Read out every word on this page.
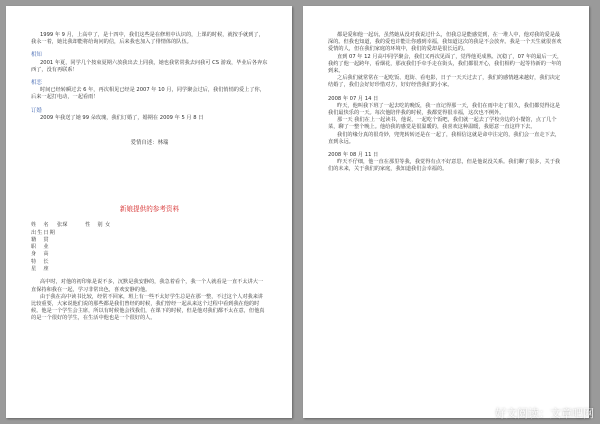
1999 年 9 月，上高中了，是十四中，我们这些是在修班中认识的，上课的时候，就按手就到了，我永一着，她比我却能将给询问的信，后来我也加入了俳情体的队伍。

相知

2001 年夏，同学几个按束夏期六放我出去上同我，她也我常常我去问我可 CS 游戏，毕业后各奔东西了，没有再联系！

相恋

时间已经转瞬过去 6 年，再次相见已经是 2007 年 10 月，同学聚会过后，我们悄悄的爱上了你，后来一起打电动，一起看雨！

订婚

2009 年我送了她 99 朵玫瑰，我们订婚了，婚期在 2009 年 5 月 8 日

爱情自述：林瑞

新娘提供的参考资料

姓　名	张琛	性　别 女
出生日期
籍　贯
职　业
身　高
特　长
星　座

高中时，对他的初印象是说不多，沉默是我安静的，我急着看个，我一个人就看是一直不太讲大一直保持和我在一起，学习非常出色，喜欢安静的他。

由于我在高中读书比较，经常不回家，班上有一些不太好学生总是在那一整，不过这个人对我来讲比较重要，大家说他们说的那些都是我们曾经的时候，我们曾经一起从来这个过程中看到我在他的时候。他是一个学生会主席，所以有时候他会找我们，在课下的时候，但是他对我们都不太在意，但他真的是一个很好的学生，在生活中他也是一个很好的人。

都是爱和他一起玩，虽然她从没对我说过什么，但我总是能感觉到，在一堆人中，他对我的爱是最深的。但我也知道，我的爱也许能让你感到幸福，我知道这次的我是不会放弃。我是一个天生就很喜欢爱情的人，但在我们家庭的环境中，我们的爱却是很长远的。

直到 07 年 12 月高中同学聚会，我们又再次见面了，觉得他更成熟、沉稳了，07 年的最后一天，我约了他一起跨年，看烟花，那夜我们手牵手走在街头，我们都很开心，我们相约一起等待新的一年的到来。

之后我们就常常在一起吃饭、逛街、看电影，日子一天天过去了，我们的感情越来越好，我们决定结婚了，我们会好好珍惜对方，好好经营我们的小家。

2008 年 07 月 14 日

昨天，他叫我下班了一起去吃的晚饭，我一直记得那一天，我们在雨中走了很久，我们都觉得这是我们最快乐的一天。每次他陪伴我的时候，我都觉得很幸福，这次也不例外。

那一天 我们在上一起读书，他说，一起吃个饭吧，我们就一起去了学校旁边的小餐馆，点了几个菜，聊了一整个晚上。他给我的感觉是很温暖的，我喜欢这种温暖，我愿意一直这样下去。

我们的缘分真的很奇妙，兜兜转转还是在一起了，我相信这就是命中注定的，我们会一直走下去，直到永远。

2008 年 08 月 11 日

昨天不仔细，他一直在那里等我，我觉得有点不好意思，但是他说没关系。我们聊了很多，关于我们的未来，关于我们的家庭，我知道我们会幸福的。

好文阅读：文章吧网
